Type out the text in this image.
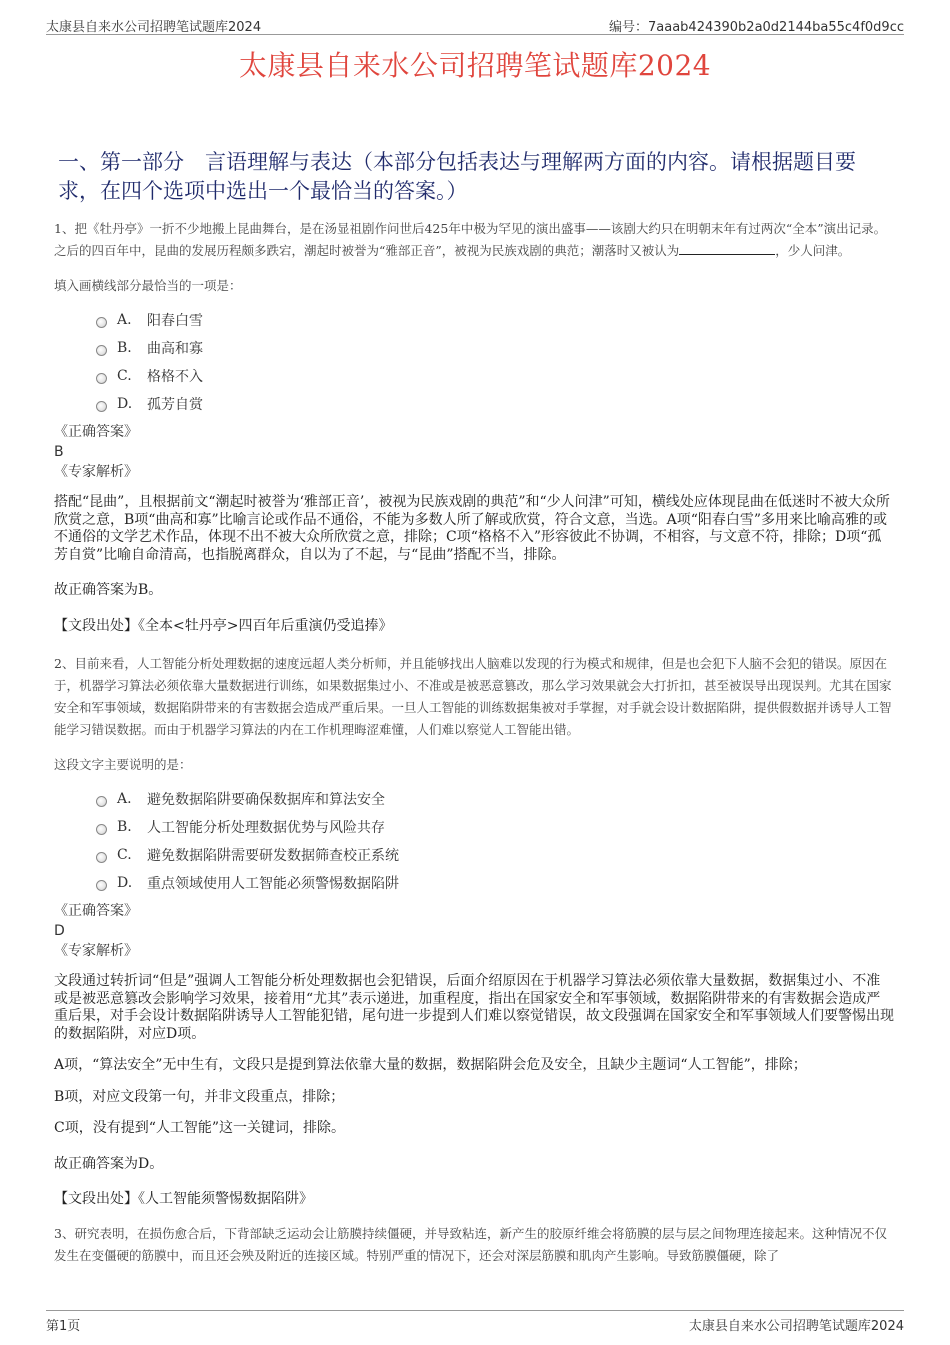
太康县自来水公司招聘笔试题库2024	编号：7aaab424390b2a0d2144ba55c4f0d9cc
太康县自来水公司招聘笔试题库2024
一、第一部分　言语理解与表达（本部分包括表达与理解两方面的内容。请根据题目要求，在四个选项中选出一个最恰当的答案。）

1、把《牡丹亭》一折不少地搬上昆曲舞台，是在汤显祖剧作问世后425年中极为罕见的演出盛事——该剧大约只在明朝末年有过两次“全本”演出记录。之后的四百年中，昆曲的发展历程颇多跌宕，潮起时被誉为“雅部正音”，被视为民族戏剧的典范；潮落时又被认为	，少人问津。

填入画横线部分最恰当的一项是：

A.	阳春白雪
B.	曲高和寡
C.	格格不入
D.	孤芳自赏
《正确答案》
B
《专家解析》

搭配“昆曲”，且根据前文“潮起时被誉为‘雅部正音’，被视为民族戏剧的典范”和“少人问津”可知，横线处应体现昆曲在低迷时不被大众所欣赏之意，B项“曲高和寡”比喻言论或作品不通俗，不能为多数人所了解或欣赏，符合文意，当选。A项“阳春白雪”多用来比喻高雅的或不通俗的文学艺术作品，体现不出不被大众所欣赏之意，排除；C项“格格不入”形容彼此不协调，不相容，与文意不符，排除；D项“孤芳自赏”比喻自命清高，也指脱离群众，自以为了不起，与“昆曲”搭配不当，排除。

故正确答案为B。

【文段出处】《全本<牡丹亭>四百年后重演仍受追捧》

2、目前来看，人工智能分析处理数据的速度远超人类分析师，并且能够找出人脑难以发现的行为模式和规律，但是也会犯下人脑不会犯的错误。原因在于，机器学习算法必须依靠大量数据进行训练，如果数据集过小、不准或是被恶意篡改，那么学习效果就会大打折扣，甚至被误导出现误判。尤其在国家安全和军事领域，数据陷阱带来的有害数据会造成严重后果。一旦人工智能的训练数据集被对手掌握，对手就会设计数据陷阱，提供假数据并诱导人工智能学习错误数据。而由于机器学习算法的内在工作机理晦涩难懂，人们难以察觉人工智能出错。

这段文字主要说明的是：

A.	避免数据陷阱要确保数据库和算法安全
B.	人工智能分析处理数据优势与风险共存
C.	避免数据陷阱需要研发数据筛查校正系统
D.	重点领域使用人工智能必须警惕数据陷阱
《正确答案》
D
《专家解析》

文段通过转折词“但是”强调人工智能分析处理数据也会犯错误，后面介绍原因在于机器学习算法必须依靠大量数据，数据集过小、不准或是被恶意篡改会影响学习效果，接着用“尤其”表示递进，加重程度，指出在国家安全和军事领域，数据陷阱带来的有害数据会造成严重后果，对手会设计数据陷阱诱导人工智能犯错，尾句进一步提到人们难以察觉错误，故文段强调在国家安全和军事领域人们要警惕出现的数据陷阱，对应D项。

A项，“算法安全”无中生有，文段只是提到算法依靠大量的数据，数据陷阱会危及安全，且缺少主题词“人工智能”，排除；

B项，对应文段第一句，并非文段重点，排除；

C项，没有提到“人工智能”这一关键词，排除。

故正确答案为D。

【文段出处】《人工智能须警惕数据陷阱》

3、研究表明，在损伤愈合后，下背部缺乏运动会让筋膜持续僵硬，并导致粘连，新产生的胶原纤维会将筋膜的层与层之间物理连接起来。这种情况不仅发生在变僵硬的筋膜中，而且还会殃及附近的连接区域。特别严重的情况下，还会对深层筋膜和肌肉产生影响。导致筋膜僵硬，除了

第1页	太康县自来水公司招聘笔试题库2024
